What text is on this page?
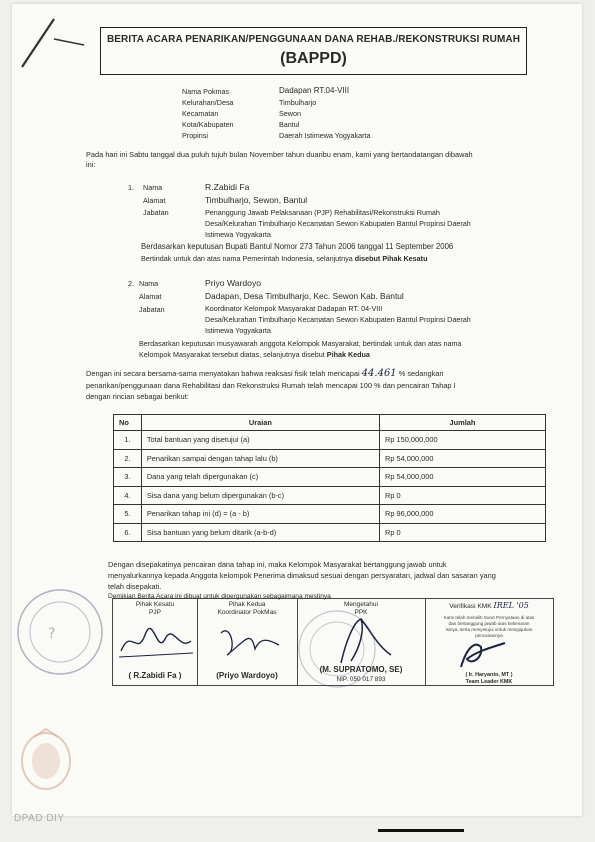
BERITA ACARA PENARIKAN/PENGGUNAAN DANA REHAB./REKONSTRUKSI RUMAH
(BAPPD)
Nama Pokmas	Dadapan RT.04-VIII
Kelurahan/Desa	Timbulharjo
Kecamatan	Sewon
Kota/Kabupaten	Bantul
Propinsi	Daerah Istimewa Yogyakarta
Pada hari ini Sabtu tanggal dua puluh tujuh bulan November tahun duaribu enam, kami yang bertandatangan dibawah
ini:
1. Nama	R.Zabidi Fa
Alamat	Timbulharjo, Sewon, Bantul
Jabatan	Penanggung Jawab Pelaksanaan (PJP) Rehabilitasi/Rekonstruksi Rumah
Desa/Kelurahan Timbulharjo Kecamatan Sewon Kabupaten Bantul Propinsi Daerah
Istimewa Yogyakarta
Berdasarkan keputusan Bupati Bantul Nomor 273 Tahun 2006 tanggal 11 September 2006
Bertindak untuk dan atas nama Pemerintah Indonesia, selanjutnya disebut Pihak Kesatu
2. Nama	Priyo Wardoyo
Alamat	Dadapan, Desa Timbulharjo, Kec. Sewon Kab. Bantul
Jabatan	Koordinator Kelompok Masyarakat Dadapan RT. 04-VIII
Desa/Kelurahan Timbulharjo Kecamatan Sewon Kabupaten Bantul Propinsi Daerah
Istimewa Yogyakarta
Berdasarkan keputusan musyawarah anggota Kelompok Masyarakat, bertindak untuk dan atas nama
Kelompok Masyarakat tersebut diatas, selanjutnya disebut Pihak Kedua
Dengan ini secara bersama-sama menyatakan bahwa reaksasi fisik telah mencapai 44.461 % sedangkan
penarikan/penggunaan dana Rehabilitasi dan Rekonstruksi Rumah telah mencapai 100 % dan pencairan Tahap I
dengan rincian sebagai berikut:
No	Uraian	Jumlah
1.	Total bantuan yang disetujui (a)	Rp 150,000,000
2.	Penarikan sampai dengan tahap lalu (b)	Rp 54,000,000
3.	Dana yang telah dipergunakan (c)	Rp 54,000,000
4.	Sisa dana yang belum dipergunakan (b-c)	Rp 0
5.	Penarikan tahap ini (d) = (a - b)	Rp 96,000,000
6.	Sisa bantuan yang belum ditarik (a-b-d)	Rp 0
Dengan disepakatinya pencairan dana tahap ini, maka Kelompok Masyarakat bertanggung jawab untuk
menyalurkannya kepada Anggota kelompok Penerima dimaksud sesuai dengan persyaratan, jadwal dan sasaran yang
telah disepakati.
Demikian Berita Acara ini dibuat untuk dipergunakan sebagaimana mestinya
?
Pihak Kesatu
PJP
( R.Zabidi Fa )
Pihak Kedua
Koordinator PokMas
(Priyo Wardoyo)
Mengetahui
PPK
(M. SUPRATOMO, SE)
NIP. 050 017 893
Verifikasi KMK IREL '05
Kami telah meneliti Surat Pernyataan di atas
dan bertanggung jawab atas kebenaran
isinya, serta menyetujui untuk mengajukan
pencairannya
( Ir. Haryanto, MT )
Team Leader KMK
DPAD DIY
